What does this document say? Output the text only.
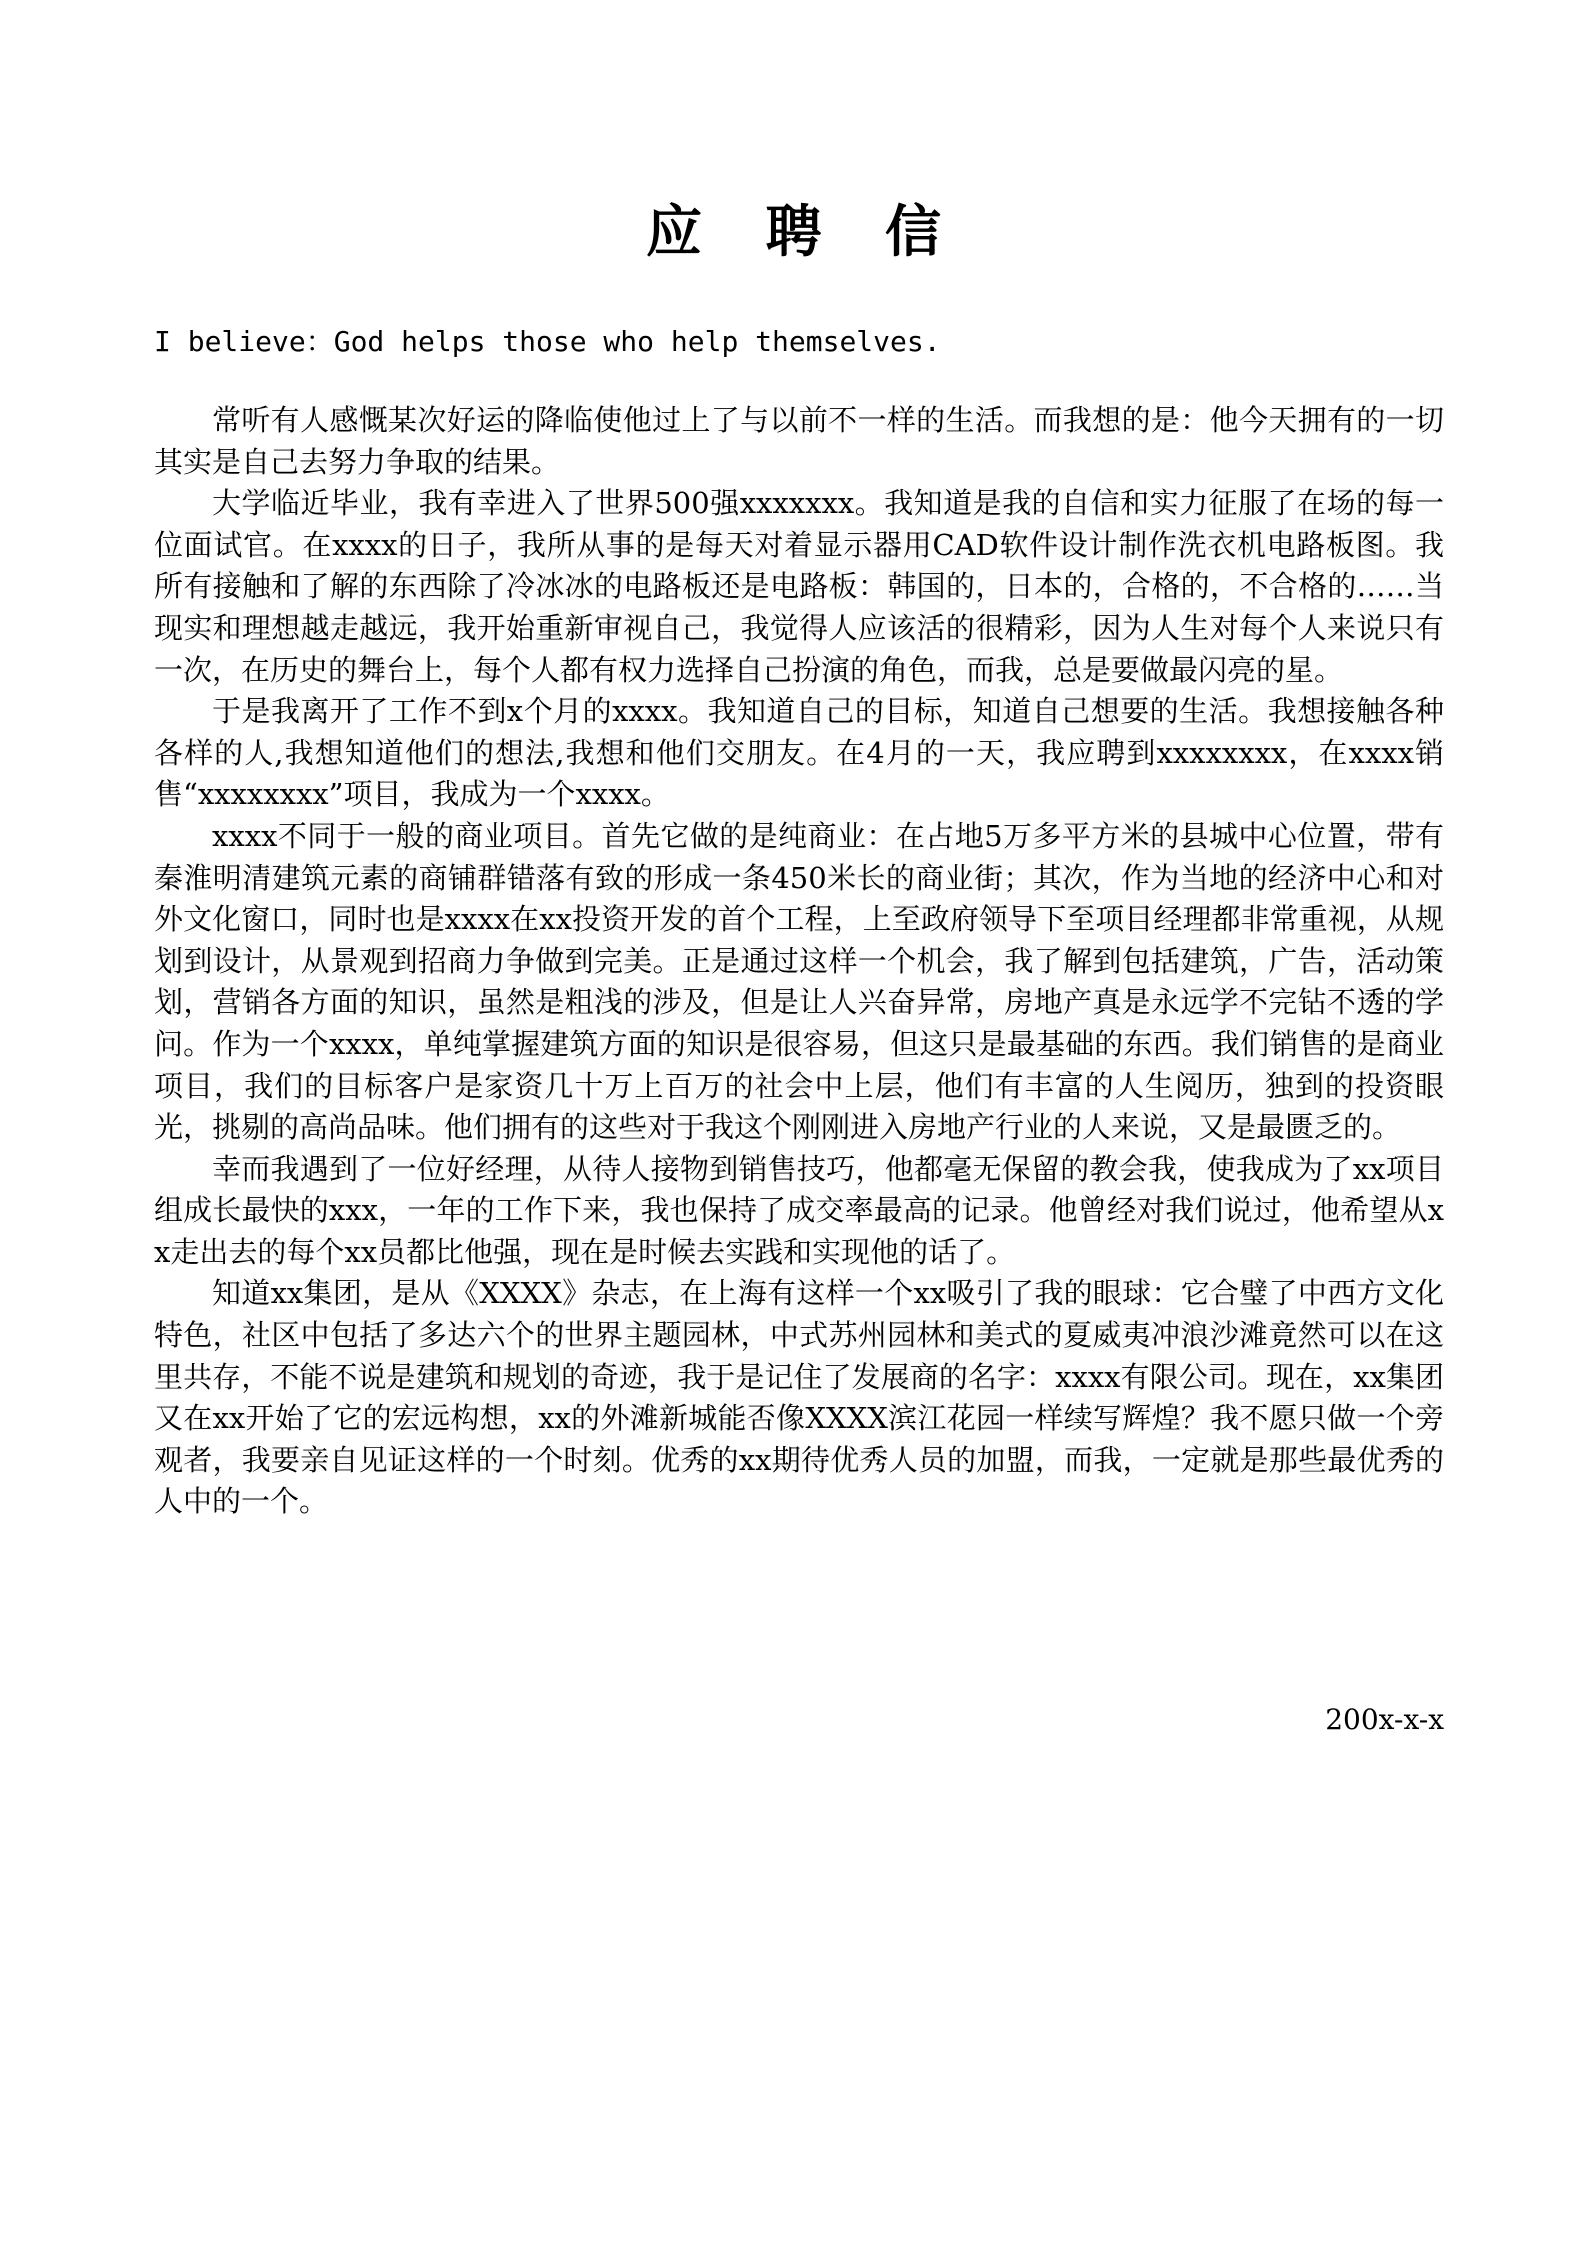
应 聘 信
I believe：God helps those who help themselves.

常听有人感慨某次好运的降临使他过上了与以前不一样的生活。而我想的是：他今天拥有的一切其实是自己去努力争取的结果。

大学临近毕业，我有幸进入了世界500强xxxxxxx。我知道是我的自信和实力征服了在场的每一位面试官。在xxxx的日子，我所从事的是每天对着显示器用CAD软件设计制作洗衣机电路板图。我所有接触和了解的东西除了冷冰冰的电路板还是电路板：韩国的，日本的，合格的，不合格的……当现实和理想越走越远，我开始重新审视自己，我觉得人应该活的很精彩，因为人生对每个人来说只有一次，在历史的舞台上，每个人都有权力选择自己扮演的角色，而我，总是要做最闪亮的星。

于是我离开了工作不到x个月的xxxx。我知道自己的目标，知道自己想要的生活。我想接触各种各样的人,我想知道他们的想法,我想和他们交朋友。在4月的一天，我应聘到xxxxxxxx，在xxxx销售“xxxxxxxx”项目，我成为一个xxxx。

xxxx不同于一般的商业项目。首先它做的是纯商业：在占地5万多平方米的县城中心位置，带有秦淮明清建筑元素的商铺群错落有致的形成一条450米长的商业街；其次，作为当地的经济中心和对外文化窗口，同时也是xxxx在xx投资开发的首个工程，上至政府领导下至项目经理都非常重视，从规划到设计，从景观到招商力争做到完美。正是通过这样一个机会，我了解到包括建筑，广告，活动策划，营销各方面的知识，虽然是粗浅的涉及，但是让人兴奋异常，房地产真是永远学不完钻不透的学问。作为一个xxxx，单纯掌握建筑方面的知识是很容易，但这只是最基础的东西。我们销售的是商业项目，我们的目标客户是家资几十万上百万的社会中上层，他们有丰富的人生阅历，独到的投资眼光，挑剔的高尚品味。他们拥有的这些对于我这个刚刚进入房地产行业的人来说，又是最匮乏的。

幸而我遇到了一位好经理，从待人接物到销售技巧，他都毫无保留的教会我，使我成为了xx项目组成长最快的xxx，一年的工作下来，我也保持了成交率最高的记录。他曾经对我们说过，他希望从xx走出去的每个xx员都比他强，现在是时候去实践和实现他的话了。

知道xx集团，是从《XXXX》杂志，在上海有这样一个xx吸引了我的眼球：它合璧了中西方文化特色，社区中包括了多达六个的世界主题园林，中式苏州园林和美式的夏威夷冲浪沙滩竟然可以在这里共存，不能不说是建筑和规划的奇迹，我于是记住了发展商的名字：xxxx有限公司。现在，xx集团又在xx开始了它的宏远构想，xx的外滩新城能否像XXXX滨江花园一样续写辉煌？我不愿只做一个旁观者，我要亲自见证这样的一个时刻。优秀的xx期待优秀人员的加盟，而我，一定就是那些最优秀的人中的一个。

200x-x-x
